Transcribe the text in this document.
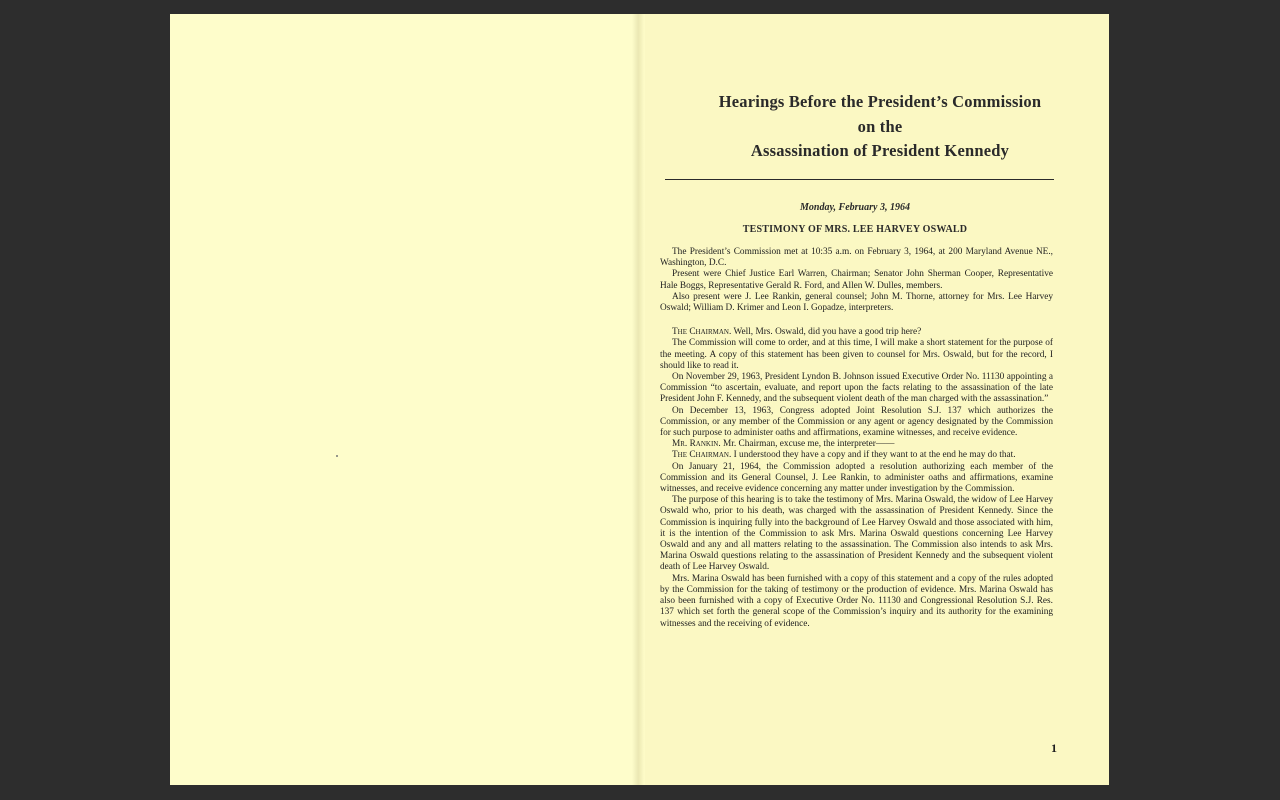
Hearings Before the President’s Commission
on the
Assassination of President Kennedy
Monday, February 3, 1964
TESTIMONY OF MRS. LEE HARVEY OSWALD

The President’s Commission met at 10:35 a.m. on February 3, 1964, at 200 Maryland Avenue NE., Washington, D.C.

Present were Chief Justice Earl Warren, Chairman; Senator John Sherman Cooper, Representative Hale Boggs, Representative Gerald R. Ford, and Allen W. Dulles, members.

Also present were J. Lee Rankin, general counsel; John M. Thorne, attorney for Mrs. Lee Harvey Oswald; William D. Krimer and Leon I. Gopadze, interpreters.

The Chairman. Well, Mrs. Oswald, did you have a good trip here?

The Commission will come to order, and at this time, I will make a short statement for the purpose of the meeting. A copy of this statement has been given to counsel for Mrs. Oswald, but for the record, I should like to read it.

On November 29, 1963, President Lyndon B. Johnson issued Executive Order No. 11130 appointing a Commission “to ascertain, evaluate, and report upon the facts relating to the assassination of the late President John F. Kennedy, and the subsequent violent death of the man charged with the assassination.”

On December 13, 1963, Congress adopted Joint Resolution S.J. 137 which authorizes the Commission, or any member of the Commission or any agent or agency designated by the Commission for such purpose to administer oaths and affirmations, examine witnesses, and receive evidence.

Mr. Rankin. Mr. Chairman, excuse me, the interpreter——

The Chairman. I understood they have a copy and if they want to at the end he may do that.

On January 21, 1964, the Commission adopted a resolution authorizing each member of the Commission and its General Counsel, J. Lee Rankin, to administer oaths and affirmations, examine witnesses, and receive evidence concerning any matter under investigation by the Commission.

The purpose of this hearing is to take the testimony of Mrs. Marina Oswald, the widow of Lee Harvey Oswald who, prior to his death, was charged with the assassination of President Kennedy. Since the Commission is inquiring fully into the background of Lee Harvey Oswald and those associated with him, it is the intention of the Commission to ask Mrs. Marina Oswald questions concerning Lee Harvey Oswald and any and all matters relating to the assassination. The Commission also intends to ask Mrs. Marina Oswald questions relating to the assassination of President Kennedy and the subsequent violent death of Lee Harvey Oswald.

Mrs. Marina Oswald has been furnished with a copy of this statement and a copy of the rules adopted by the Commission for the taking of testimony or the production of evidence. Mrs. Marina Oswald has also been furnished with a copy of Executive Order No. 11130 and Congressional Resolution S.J. Res. 137 which set forth the general scope of the Commission’s inquiry and its authority for the examining witnesses and the receiving of evidence.

1
